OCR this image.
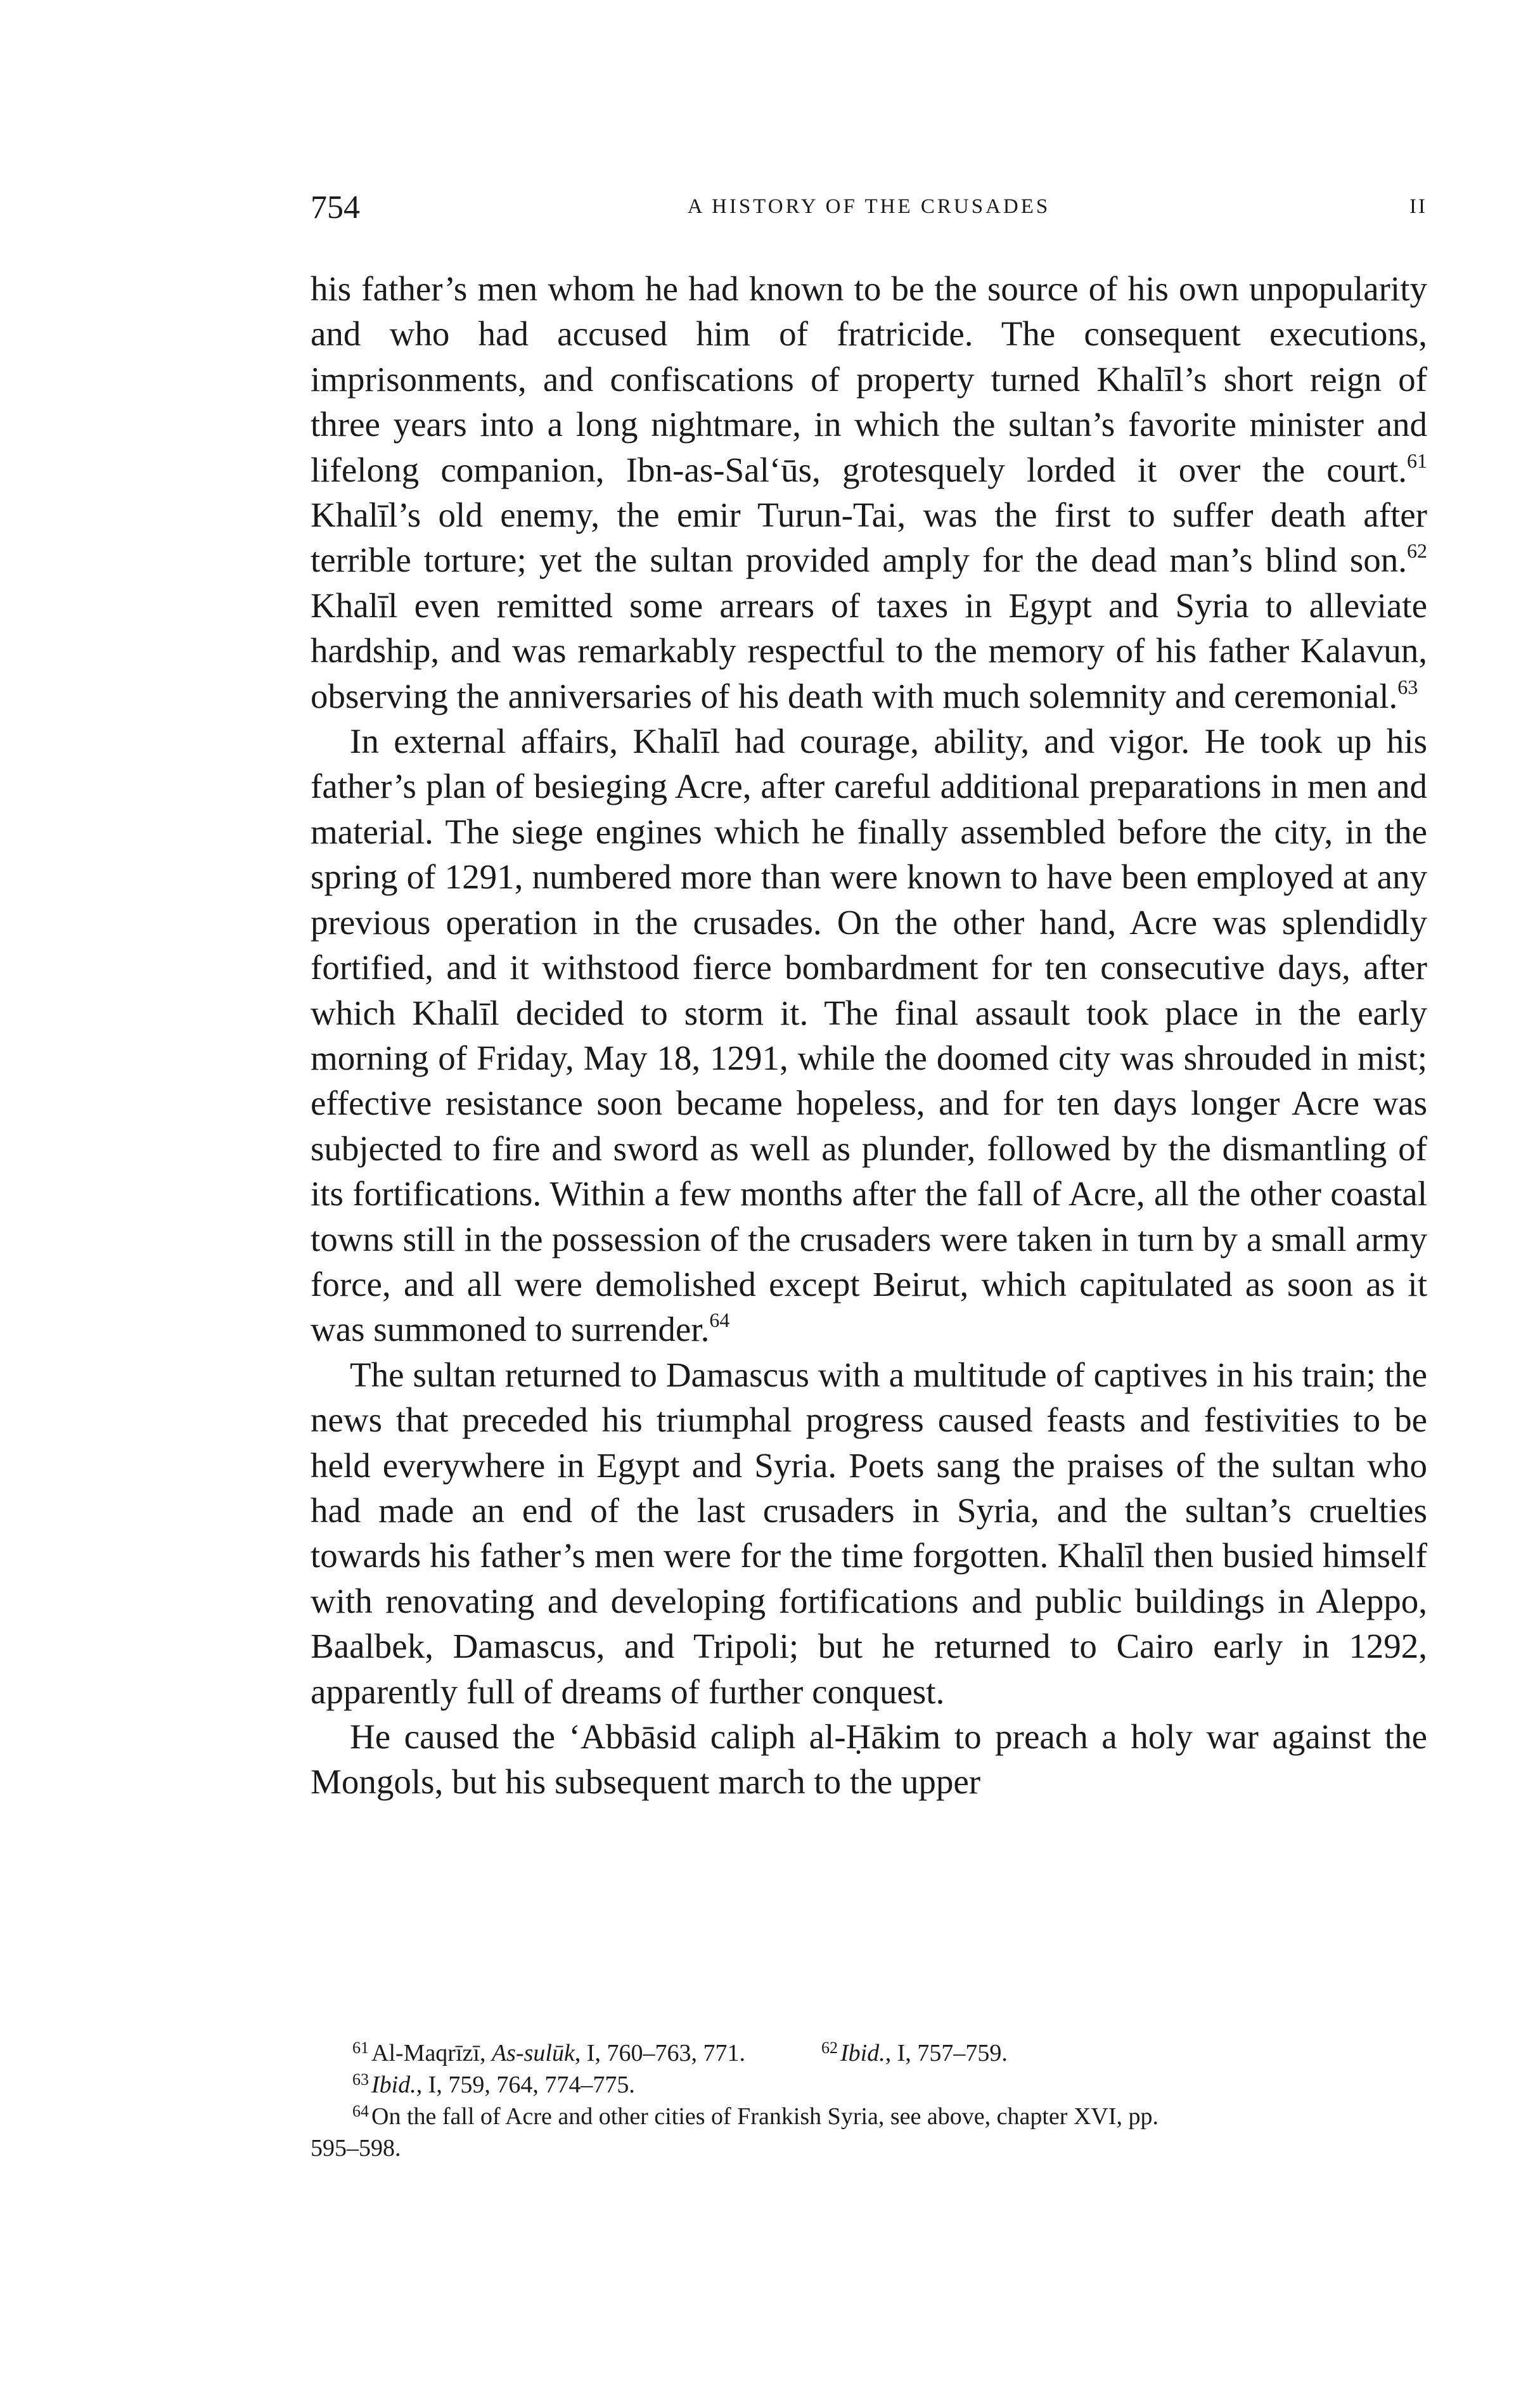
754	A HISTORY OF THE CRUSADES	II

his father’s men whom he had known to be the source of his own unpopularity and who had accused him of fratricide. The consequent executions, imprisonments, and confiscations of property turned Khalīl’s short reign of three years into a long nightmare, in which the sultan’s favorite minister and lifelong companion, Ibn-as-Sal‘ūs, grotesquely lorded it over the court.$^{61}$ Khalīl’s old enemy, the emir Turun-Tai, was the first to suffer death after terrible torture; yet the sultan provided amply for the dead man’s blind son.$^{62}$ Khalīl even remitted some arrears of taxes in Egypt and Syria to alleviate hardship, and was remarkably respectful to the memory of his father Kalavun, observing the anniversaries of his death with much solemnity and ceremonial.$^{63}$

In external affairs, Khalīl had courage, ability, and vigor. He took up his father’s plan of besieging Acre, after careful additional preparations in men and material. The siege engines which he finally assembled before the city, in the spring of 1291, numbered more than were known to have been employed at any previous operation in the crusades. On the other hand, Acre was splendidly fortified, and it withstood fierce bombardment for ten consecutive days, after which Khalīl decided to storm it. The final assault took place in the early morning of Friday, May 18, 1291, while the doomed city was shrouded in mist; effective resistance soon became hopeless, and for ten days longer Acre was subjected to fire and sword as well as plunder, followed by the dismantling of its fortifications. Within a few months after the fall of Acre, all the other coastal towns still in the possession of the crusaders were taken in turn by a small army force, and all were demolished except Beirut, which capitulated as soon as it was summoned to surrender.$^{64}$

The sultan returned to Damascus with a multitude of captives in his train; the news that preceded his triumphal progress caused feasts and festivities to be held everywhere in Egypt and Syria. Poets sang the praises of the sultan who had made an end of the last crusaders in Syria, and the sultan’s cruelties towards his father’s men were for the time forgotten. Khalīl then busied himself with renovating and developing fortifications and public buildings in Aleppo, Baalbek, Damascus, and Tripoli; but he returned to Cairo early in 1292, apparently full of dreams of further conquest.

He caused the ‘Abbāsid caliph al-Ḥākim to preach a holy war against the Mongols, but his subsequent march to the upper

$^{61}$ Al-Maqrīzī, As-sulūk, I, 760–763, 771.	$^{62}$ Ibid., I, 757–759.
$^{63}$ Ibid., I, 759, 764, 774–775.
$^{64}$ On the fall of Acre and other cities of Frankish Syria, see above, chapter XVI, pp.
595–598.
